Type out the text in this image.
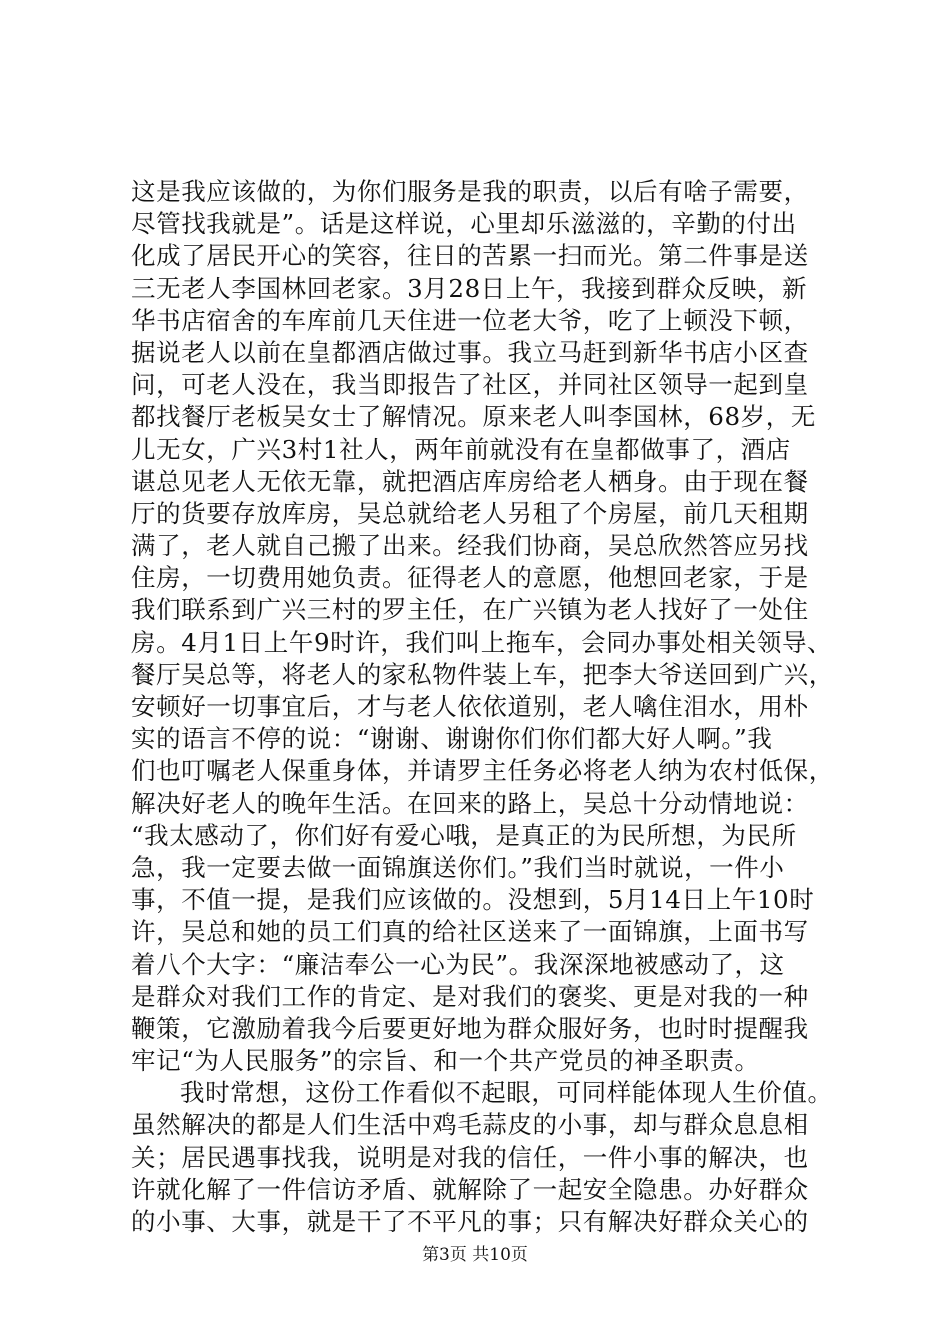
这是我应该做的，为你们服务是我的职责，以后有啥子需要，
尽管找我就是”。话是这样说，心里却乐滋滋的，辛勤的付出
化成了居民开心的笑容，往日的苦累一扫而光。第二件事是送
三无老人李国林回老家。3月28日上午，我接到群众反映，新
华书店宿舍的车库前几天住进一位老大爷，吃了上顿没下顿，
据说老人以前在皇都酒店做过事。我立马赶到新华书店小区查
问，可老人没在，我当即报告了社区，并同社区领导一起到皇
都找餐厅老板吴女士了解情况。原来老人叫李国林，68岁，无
儿无女，广兴3村1社人，两年前就没有在皇都做事了，酒店
谌总见老人无依无靠，就把酒店库房给老人栖身。由于现在餐
厅的货要存放库房，吴总就给老人另租了个房屋，前几天租期
满了，老人就自己搬了出来。经我们协商，吴总欣然答应另找
住房，一切费用她负责。征得老人的意愿，他想回老家，于是
我们联系到广兴三村的罗主任，在广兴镇为老人找好了一处住
房。4月1日上午9时许，我们叫上拖车，会同办事处相关领导、
餐厅吴总等，将老人的家私物件装上车，把李大爷送回到广兴，
安顿好一切事宜后，才与老人依依道别，老人噙住泪水，用朴
实的语言不停的说：“谢谢、谢谢你们你们都大好人啊。”我
们也叮嘱老人保重身体，并请罗主任务必将老人纳为农村低保，
解决好老人的晚年生活。在回来的路上，吴总十分动情地说：
“我太感动了，你们好有爱心哦，是真正的为民所想，为民所
急，我一定要去做一面锦旗送你们。”我们当时就说，一件小
事，不值一提，是我们应该做的。没想到，5月14日上午10时
许，吴总和她的员工们真的给社区送来了一面锦旗，上面书写
着八个大字：“廉洁奉公一心为民”。我深深地被感动了，这
是群众对我们工作的肯定、是对我们的褒奖、更是对我的一种
鞭策，它激励着我今后要更好地为群众服好务，也时时提醒我
牢记“为人民服务”的宗旨、和一个共产党员的神圣职责。
我时常想，这份工作看似不起眼，可同样能体现人生价值。
虽然解决的都是人们生活中鸡毛蒜皮的小事，却与群众息息相
关；居民遇事找我，说明是对我的信任，一件小事的解决，也
许就化解了一件信访矛盾、就解除了一起安全隐患。办好群众
的小事、大事，就是干了不平凡的事；只有解决好群众关心的
第3页 共10页
